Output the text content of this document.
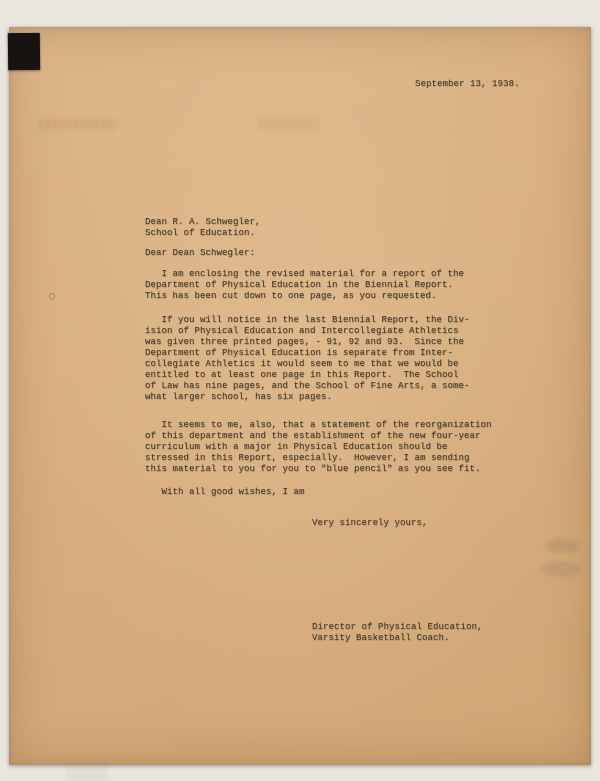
September 13, 1938.
Dean R. A. Schwegler,
School of Education.
Dear Dean Schwegler:
I am enclosing the revised material for a report of the
Department of Physical Education in the Biennial Report.
This has been cut down to one page, as you requested.
If you will notice in the last Biennial Report, the Div-
ision of Physical Education and Intercollegiate Athletics
was given three printed pages, - 91, 92 and 93.  Since the
Department of Physical Education is separate from Inter-
collegiate Athletics it would seem to me that we would be
entitled to at least one page in this Report.  The School
of Law has nine pages, and the School of Fine Arts, a some-
what larger school, has six pages.
It seems to me, also, that a statement of the reorganization
of this department and the establishment of the new four-year
curriculum with a major in Physical Education should be
stressed in this Report, especially.  However, I am sending
this material to you for you to "blue pencil" as you see fit.
With all good wishes, I am
Very sincerely yours,
Director of Physical Education,
Varsity Basketball Coach.
